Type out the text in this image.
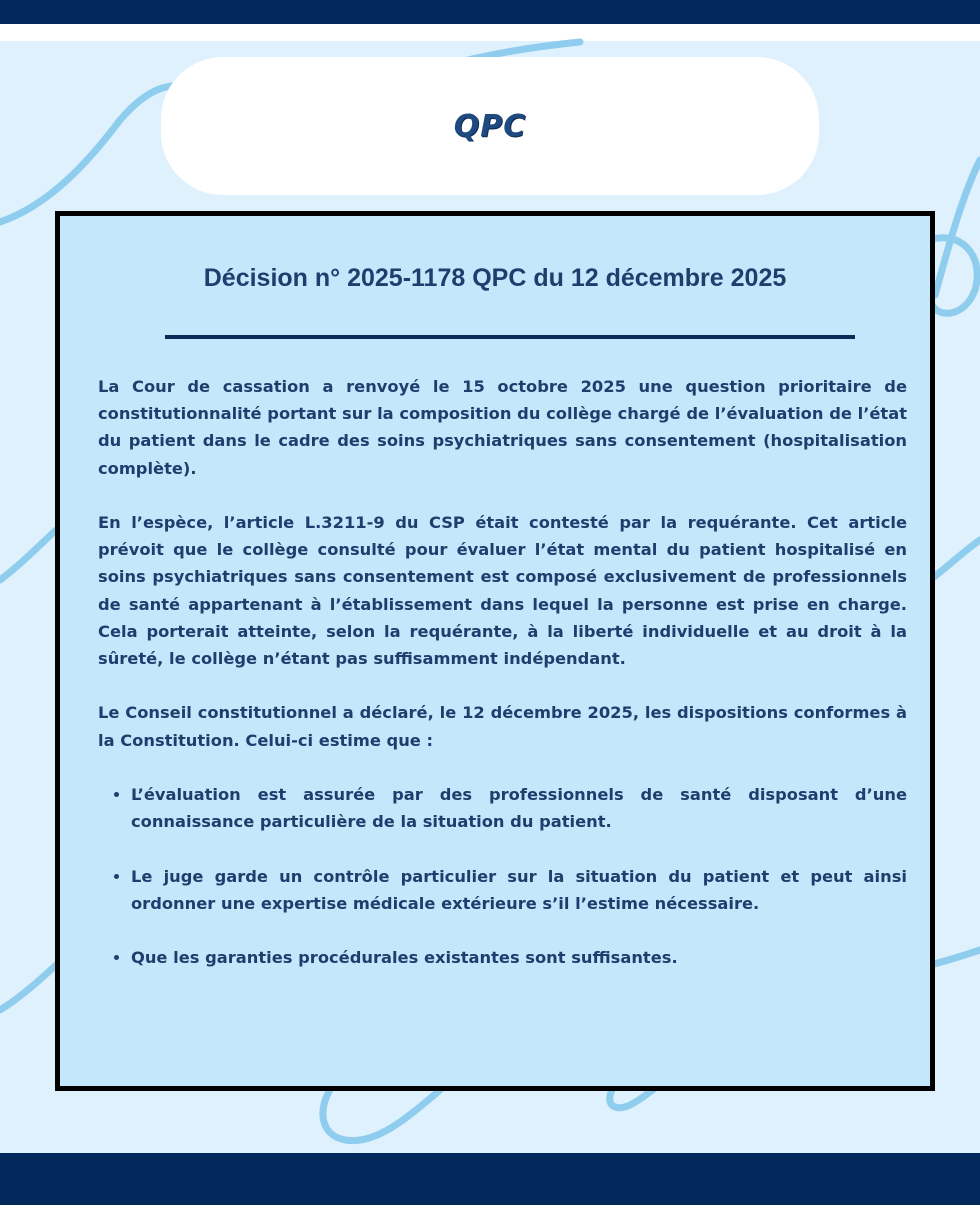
QPC
Décision n° 2025-1178 QPC du 12 décembre 2025

La Cour de cassation a renvoyé le 15 octobre 2025 une question prioritaire de constitutionnalité portant sur la composition du collège chargé de l’évaluation de l’état du patient dans le cadre des soins psychiatriques sans consentement (hospitalisation complète).

En l’espèce, l’article L.3211-9 du CSP était contesté par la requérante. Cet article prévoit que le collège consulté pour évaluer l’état mental du patient hospitalisé en soins psychiatriques sans consentement est composé exclusivement de professionnels de santé appartenant à l’établissement dans lequel la personne est prise en charge. Cela porterait atteinte, selon la requérante, à la liberté individuelle et au droit à la sûreté, le collège n’étant pas suffisamment indépendant.

Le Conseil constitutionnel a déclaré, le 12 décembre 2025, les dispositions conformes à la Constitution. Celui-ci estime que :

• L’évaluation est assurée par des professionnels de santé disposant d’une connaissance particulière de la situation du patient.
• Le juge garde un contrôle particulier sur la situation du patient et peut ainsi ordonner une expertise médicale extérieure s’il l’estime nécessaire.
• Que les garanties procédurales existantes sont suffisantes.
